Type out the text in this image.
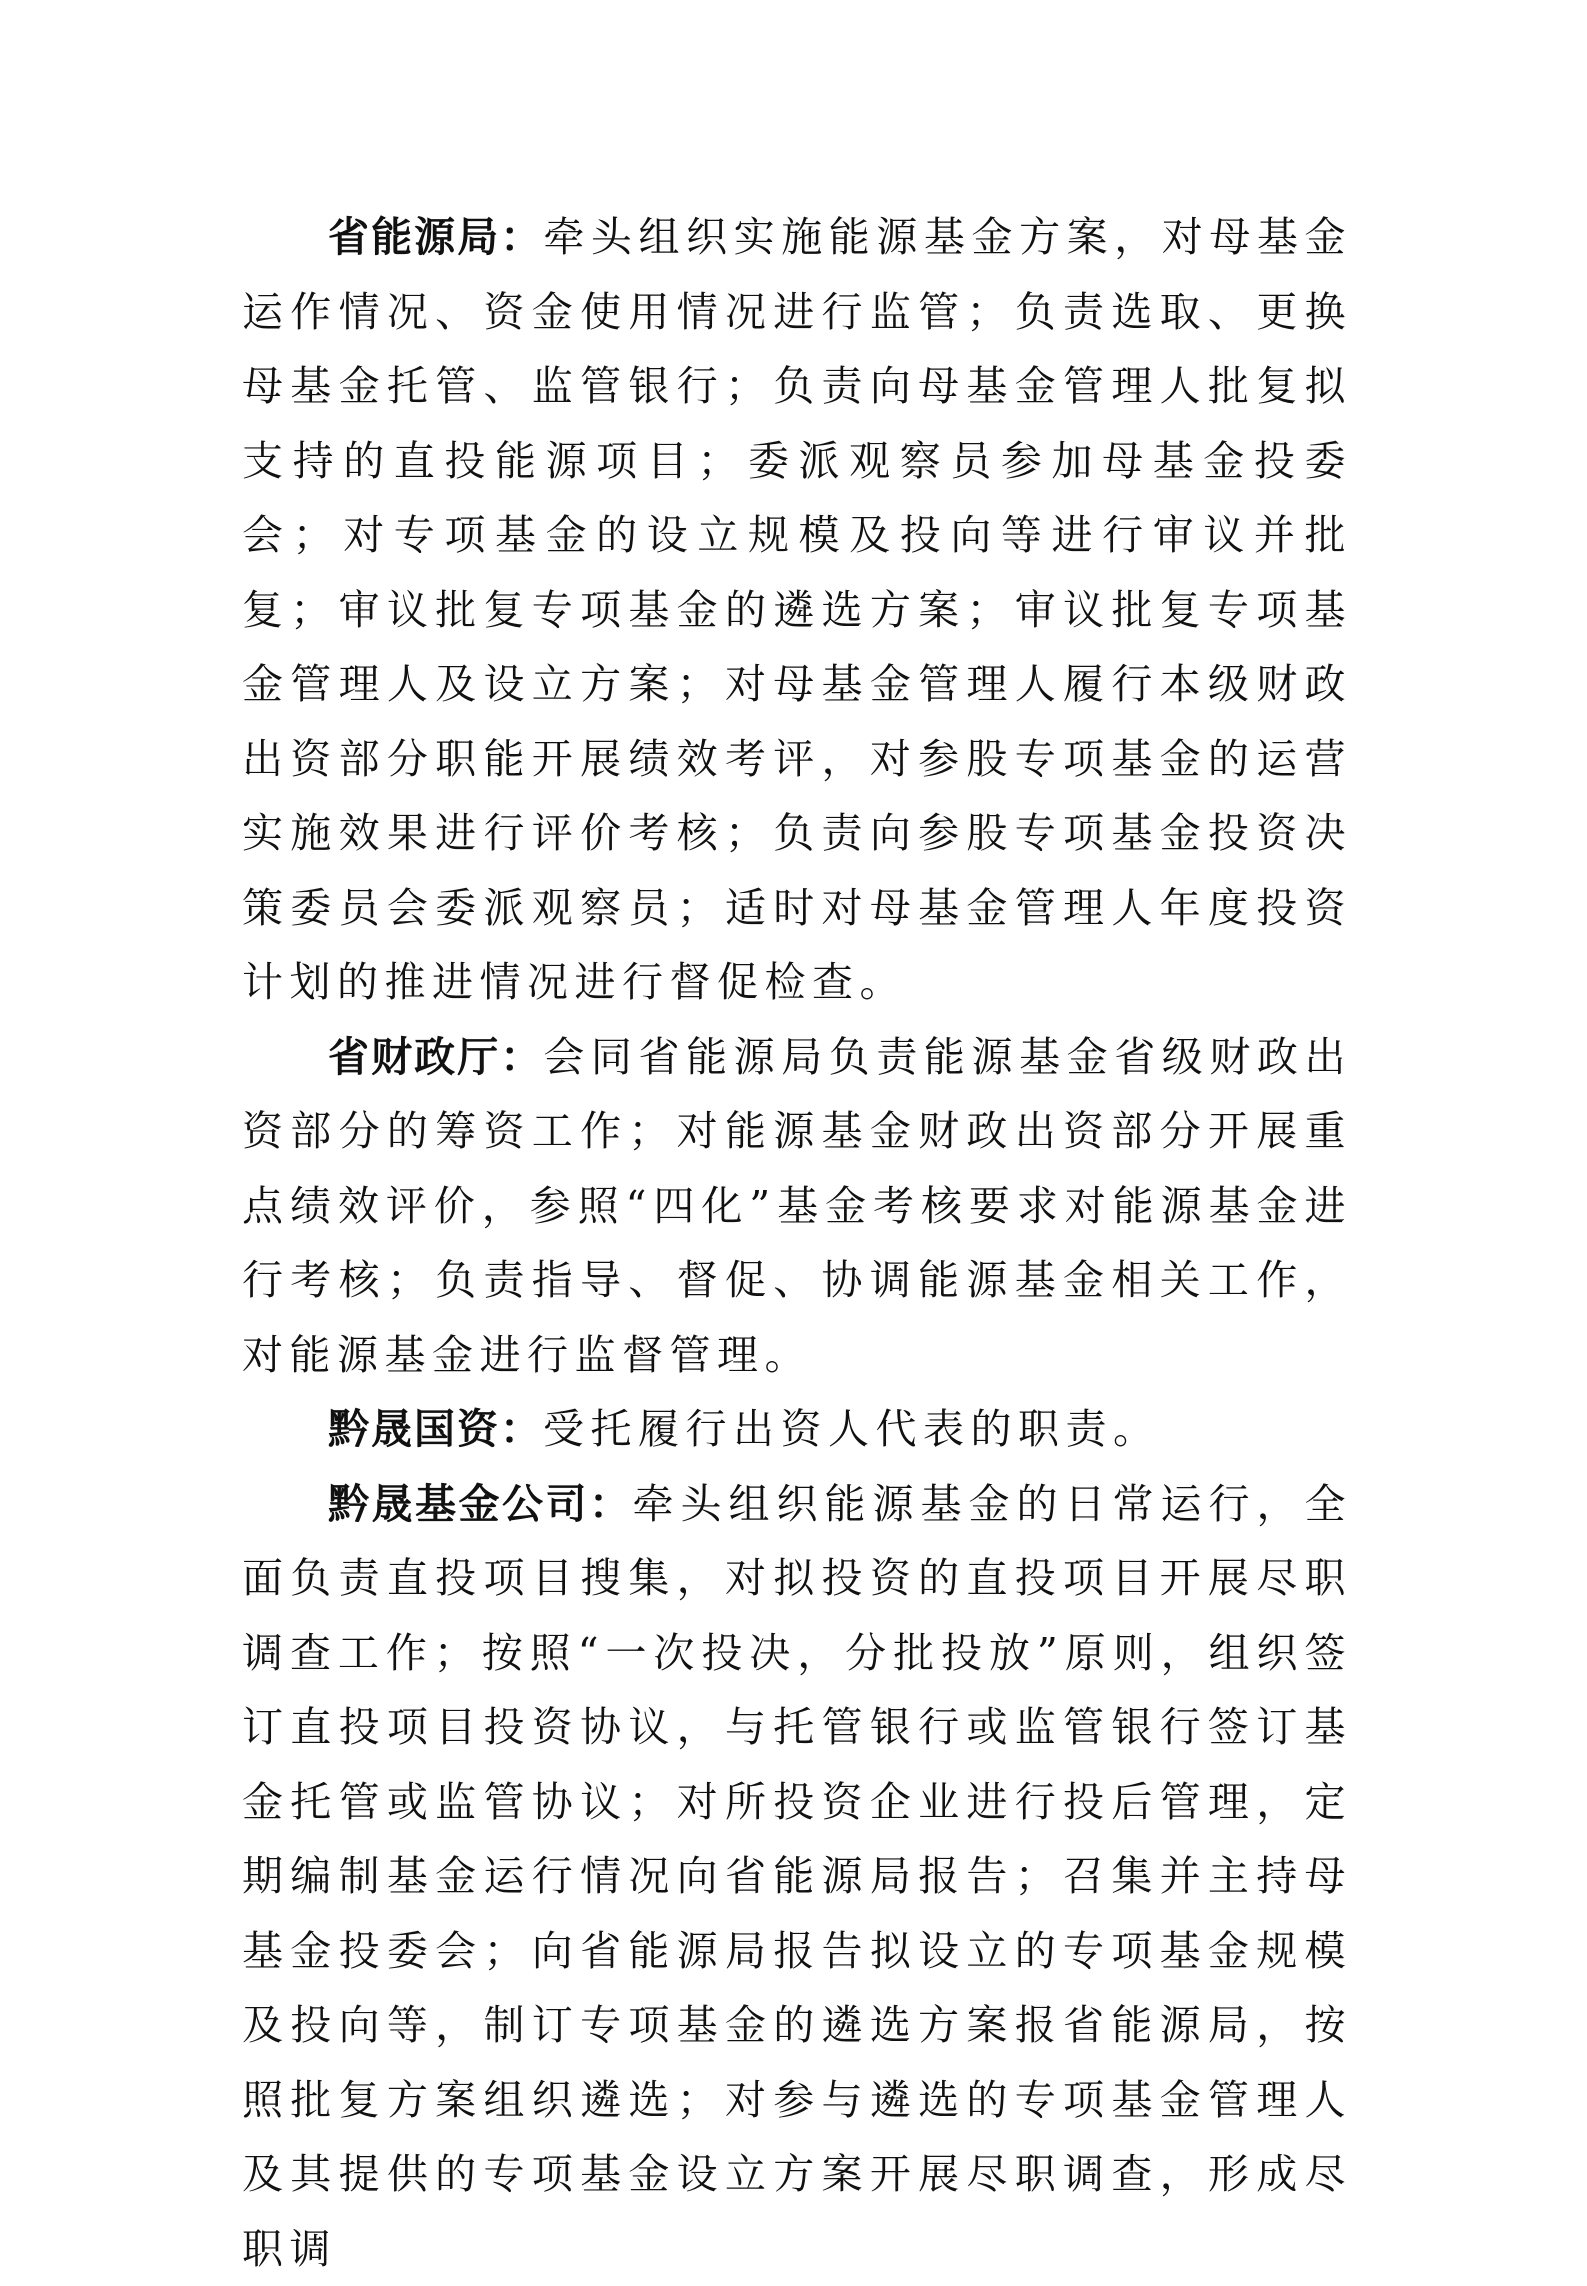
省能源局：牵头组织实施能源基金方案，对母基金运作情况、资金使用情况进行监管；负责选取、更换母基金托管、监管银行；负责向母基金管理人批复拟支持的直投能源项目；委派观察员参加母基金投委会；对专项基金的设立规模及投向等进行审议并批复；审议批复专项基金的遴选方案；审议批复专项基金管理人及设立方案；对母基金管理人履行本级财政出资部分职能开展绩效考评，对参股专项基金的运营实施效果进行评价考核；负责向参股专项基金投资决策委员会委派观察员；适时对母基金管理人年度投资计划的推进情况进行督促检查。

省财政厅：会同省能源局负责能源基金省级财政出资部分的筹资工作；对能源基金财政出资部分开展重点绩效评价，参照“四化”基金考核要求对能源基金进行考核；负责指导、督促、协调能源基金相关工作，对能源基金进行监督管理。

黔晟国资：受托履行出资人代表的职责。

黔晟基金公司：牵头组织能源基金的日常运行，全面负责直投项目搜集，对拟投资的直投项目开展尽职调查工作；按照“一次投决，分批投放”原则，组织签订直投项目投资协议，与托管银行或监管银行签订基金托管或监管协议；对所投资企业进行投后管理，定期编制基金运行情况向省能源局报告；召集并主持母基金投委会；向省能源局报告拟设立的专项基金规模及投向等，制订专项基金的遴选方案报省能源局，按照批复方案组织遴选；对参与遴选的专项基金管理人及其提供的专项基金设立方案开展尽职调查，形成尽职调
